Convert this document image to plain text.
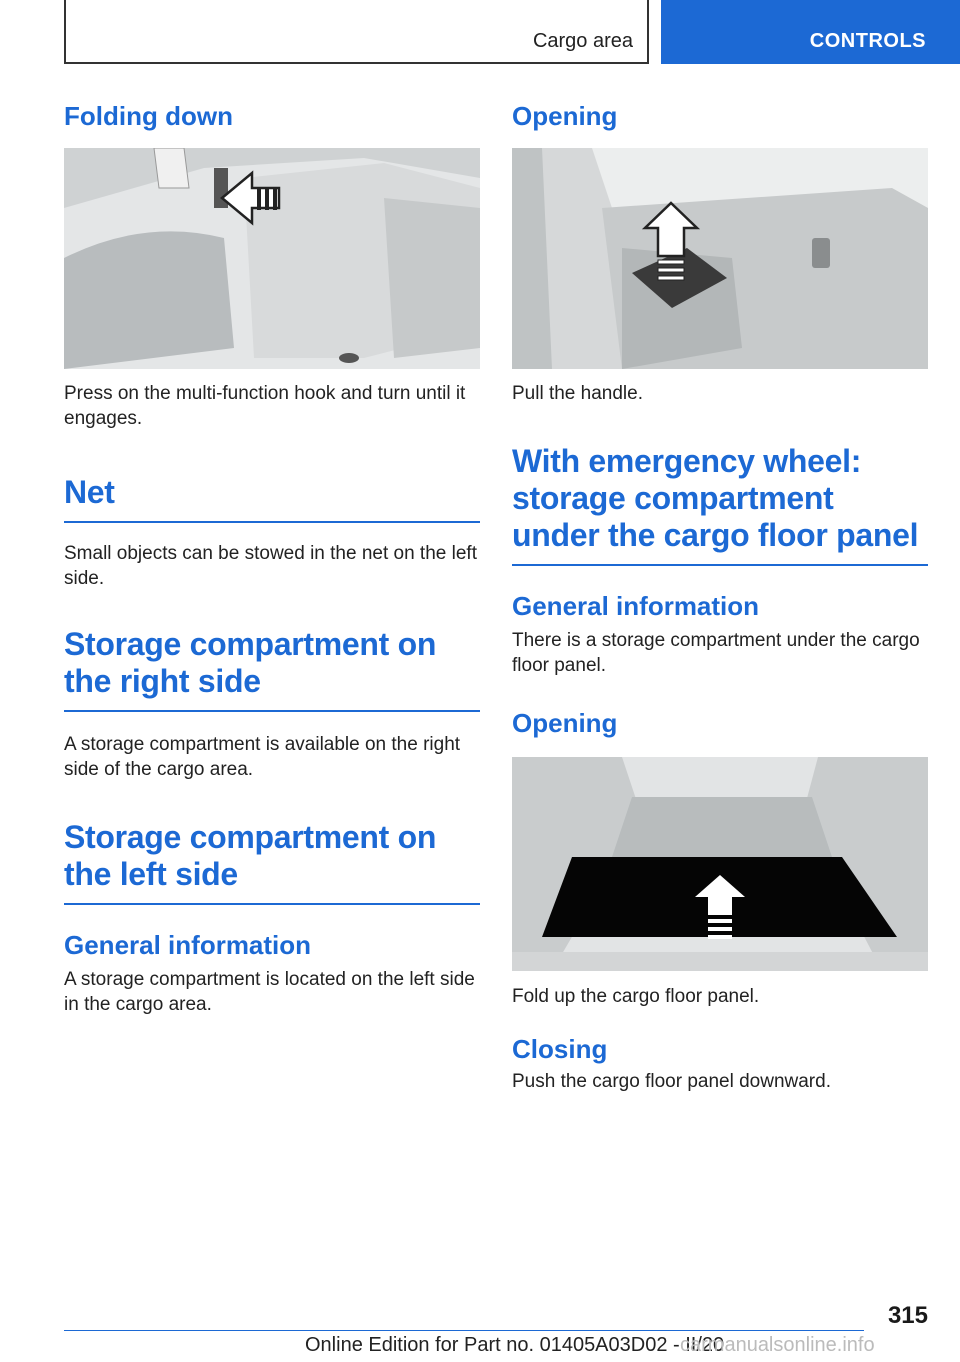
Cargo area	CONTROLS
Folding down

Press on the multi-function hook and turn until it engages.

Net

Small objects can be stowed in the net on the left side.

Storage compartment on the right side

A storage compartment is available on the right side of the cargo area.

Storage compartment on the left side
General information

A storage compartment is located on the left side in the cargo area.

Opening

Pull the handle.

With emergency wheel: storage compartment under the cargo floor panel
General information

There is a storage compartment under the cargo floor panel.

Opening

Fold up the cargo floor panel.

Closing

Push the cargo floor panel downward.

315
Online Edition for Part no. 01405A03D02 - II/20
carmanualsonline.info
